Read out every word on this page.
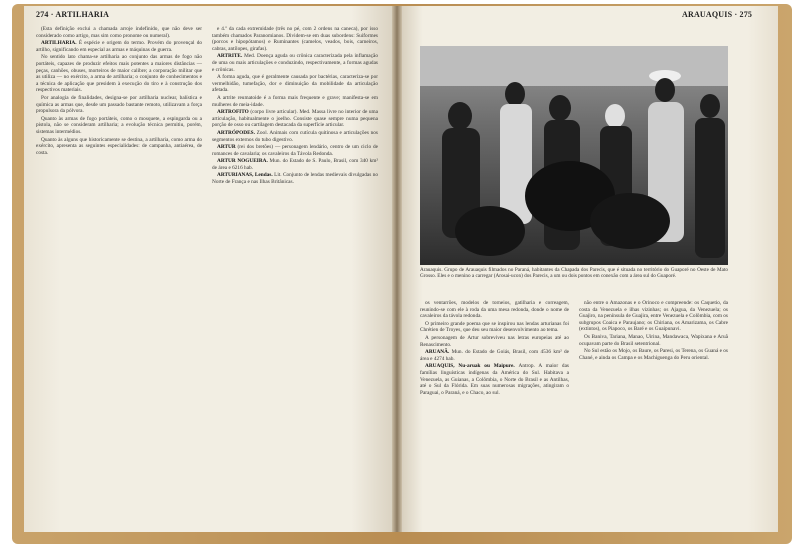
274 · ARTILHARIA	ARAUAQUIS · 275

(Esta definição exclui a chamada arroje indefinido, que não deve ser considerado como artigo, mas sim como pronome ou numeral).

ARTILHARIA. É espécie e origem do termo. Provém do provençal do artilho, significando em especial as armas e máquinas de guerra.

No sentido lato chama-se artilharia ao conjunto das armas de fogo não portáteis, capazes de produzir efeitos mais potentes a maiores distâncias — peças, canhões, obuses, morteiros de maior calibre; a corporação militar que as utiliza — no exército, a arma de artilharia; o conjunto de conhecimentos e a técnica de aplicação que presidem à execução do tiro e à construção dos respectivos materiais.

Por analogia de finalidades, designa-se por artilharia nuclear, balística e química as armas que, desde um passado bastante remoto, utilizavam a força propulsora da pólvora.

Quanto às armas de fogo portáteis, como o mosquete, a espingarda ou a pistola, não se consideram artilharia; a evolução técnica permitiu, porém, sistemas intermédios.

Quanto às alguns que historicamente se destina, a artilharia, como arma do exército, apresenta as seguintes especialidades: de campanha, antiaérea, de costa.

e 4.º da cada extremidade (três no pé, com 2 ordens na caneca), por isso também chamados Paranomianos. Dividem-se em duas subordens: Suiformes (porcos e hipopótamos) e Ruminantes (camelos, veados, bois, carneiros, cabras, antílopes, girafas).

ARTRITE. Med. Doença aguda ou crônica caracterizada pela inflamação de uma ou mais articulações e conduzindo, respectivamente, a formas agudas e crônicas.

A forma aguda, que é geralmente causada por bactérias, caracteriza-se por vermelhidão, tumefação, dor e diminuição da mobilidade da articulação afetada.

A artrite reumatoide é a forma mais frequente e grave; manifesta-se em mulheres de meia-idade.

ARTROFITO (corpo livre articular). Med. Massa livre no interior de uma articulação, habitualmente o joelho. Consiste quase sempre numa pequena porção de osso ou cartilagem destacada da superfície articular.

ARTRÓPODES. Zool. Animais com cutícula quitinosa e articulações nos segmentos externos do tubo digestivo.

ARTUR (rei dos bretões) — personagem lendário, centro de um ciclo de romances de cavalaria; os cavaleiros da Távola Redonda.

ARTUR NOGUEIRA. Mun. do Estado de S. Paulo, Brasil, com 340 km² de área e 6216 hab.

ARTURIANAS, Lendas. Lit. Conjunto de lendas medievais divulgadas no Norte de França e nas Ilhas Britânicas.

Arauaquis. Grupo de Arauaquis filmados no Paraná, habitantes da Chapada dos Parecis, que é situada no território do Guaporé no Oeste de Mato Grosso. Eles e o menino a carregar (Arosai-ucon) dos Parecis, a um ou dois pontos em conexão com a área sul do Guaporé.

os ventarrões, modelos de torneios, gatilharia e correagem, reunindo-se com ele à roda da uma mesa redonda, donde o nome de cavaleiros da távola redonda.

O primeiro grande poema que se inspirou nas lendas arturianas foi Chrétien de Troyes, que deu seu maior desenvolvimento ao tema.

A personagem de Artur sobreviveu nas letras europeias até ao Renascimento.

ARUANÃ. Mun. do Estado de Goiás, Brasil, com 4536 km² de área e 4274 hab.

ARUAQUIS, Nu-aruak ou Maipure. Antrop. A maior das famílias linguísticas indígenas da América do Sul. Habitava a Venezuela, as Guianas, a Colômbia, o Norte do Brasil e as Antilhas, até o Sul da Flórida. Em suas numerosas migrações, atingiram o Paraguai, o Paraná, e o Chaco, ao sul.

não entre o Amazonas e o Orinoco e compreende: os Caquetio, da costa da Venezuela e ilhas vizinhas; os Ajagua, da Venezuela; os Guajiro, na península de Guajira, entre Venezuela e Colômbia, com os subgrupos Coaica e Paraujano; os Chiriana, os Amarizama, os Cabre (extintos), os Piapoco, os Baré e os Guaipunavi.

Os Baniva, Tariana, Manao, Uirina, Mandawaca, Wapixana e Aruã ocupavam parte do Brasil setentrional.

No Sul estão os Mojo, os Baure, os Paresi, os Terena, os Guaná e os Chané, e ainda os Campa e os Machiguenga do Peru oriental.
